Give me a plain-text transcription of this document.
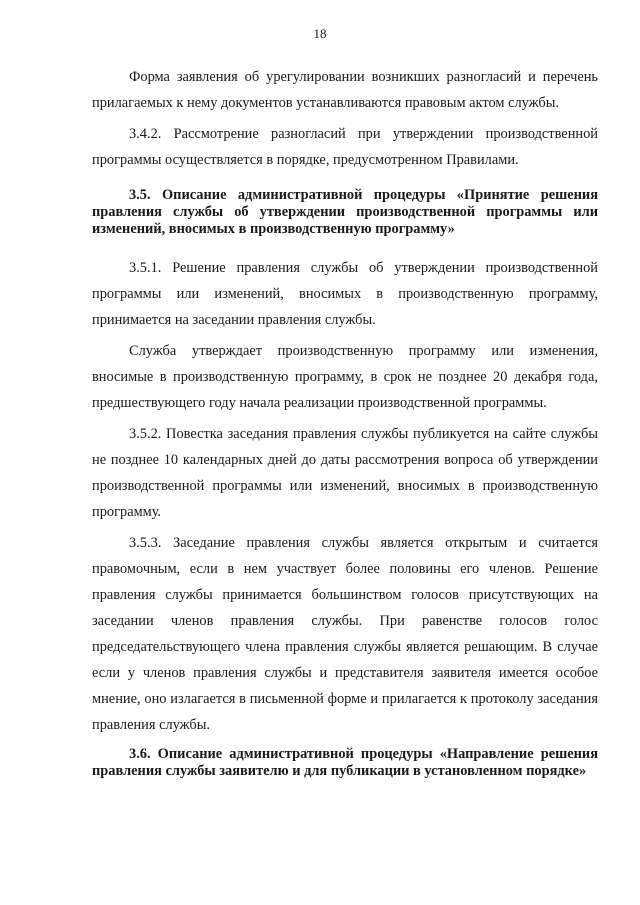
18

Форма заявления об урегулировании возникших разногласий и перечень прилагаемых к нему документов устанавливаются правовым актом службы.

3.4.2. Рассмотрение разногласий при утверждении производственной программы осуществляется в порядке, предусмотренном Правилами.

3.5. Описание административной процедуры «Принятие решения правления службы об утверждении производственной программы или изменений, вносимых в производственную программу»

3.5.1. Решение правления службы об утверждении производственной программы или изменений, вносимых в производственную программу, принимается на заседании правления службы.

Служба утверждает производственную программу или изменения, вносимые в производственную программу, в срок не позднее 20 декабря года, предшествующего году начала реализации производственной программы.

3.5.2. Повестка заседания правления службы публикуется на сайте службы не позднее 10 календарных дней до даты рассмотрения вопроса об утверждении производственной программы или изменений, вносимых в производственную программу.

3.5.3. Заседание правления службы является открытым и считается правомочным, если в нем участвует более половины его членов. Решение правления службы принимается большинством голосов присутствующих на заседании членов правления службы. При равенстве голосов голос председательствующего члена правления службы является решающим. В случае если у членов правления службы и представителя заявителя имеется особое мнение, оно излагается в письменной форме и прилагается к протоколу заседания правления службы.

3.6. Описание административной процедуры «Направление решения правления службы заявителю и для публикации в установленном порядке»
